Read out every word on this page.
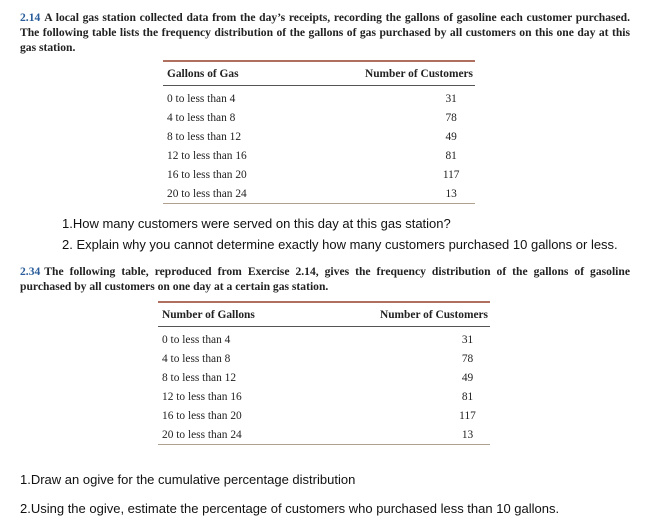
2.14 A local gas station collected data from the day’s receipts, recording the gallons of gasoline each customer purchased. The following table lists the frequency distribution of the gallons of gas purchased by all customers on this one day at this gas station.
Gallons of Gas	Number of Customers
0 to less than 4	31
4 to less than 8	78
8 to less than 12	49
12 to less than 16	81
16 to less than 20	117
20 to less than 24	13
1.How many customers were served on this day at this gas station?
2. Explain why you cannot determine exactly how many customers purchased 10 gallons or less.
2.34 The following table, reproduced from Exercise 2.14, gives the frequency distribution of the gallons of gasoline purchased by all customers on one day at a certain gas station.
Number of Gallons	Number of Customers
0 to less than 4	31
4 to less than 8	78
8 to less than 12	49
12 to less than 16	81
16 to less than 20	117
20 to less than 24	13
1.Draw an ogive for the cumulative percentage distribution
2.Using the ogive, estimate the percentage of customers who purchased less than 10 gallons.
